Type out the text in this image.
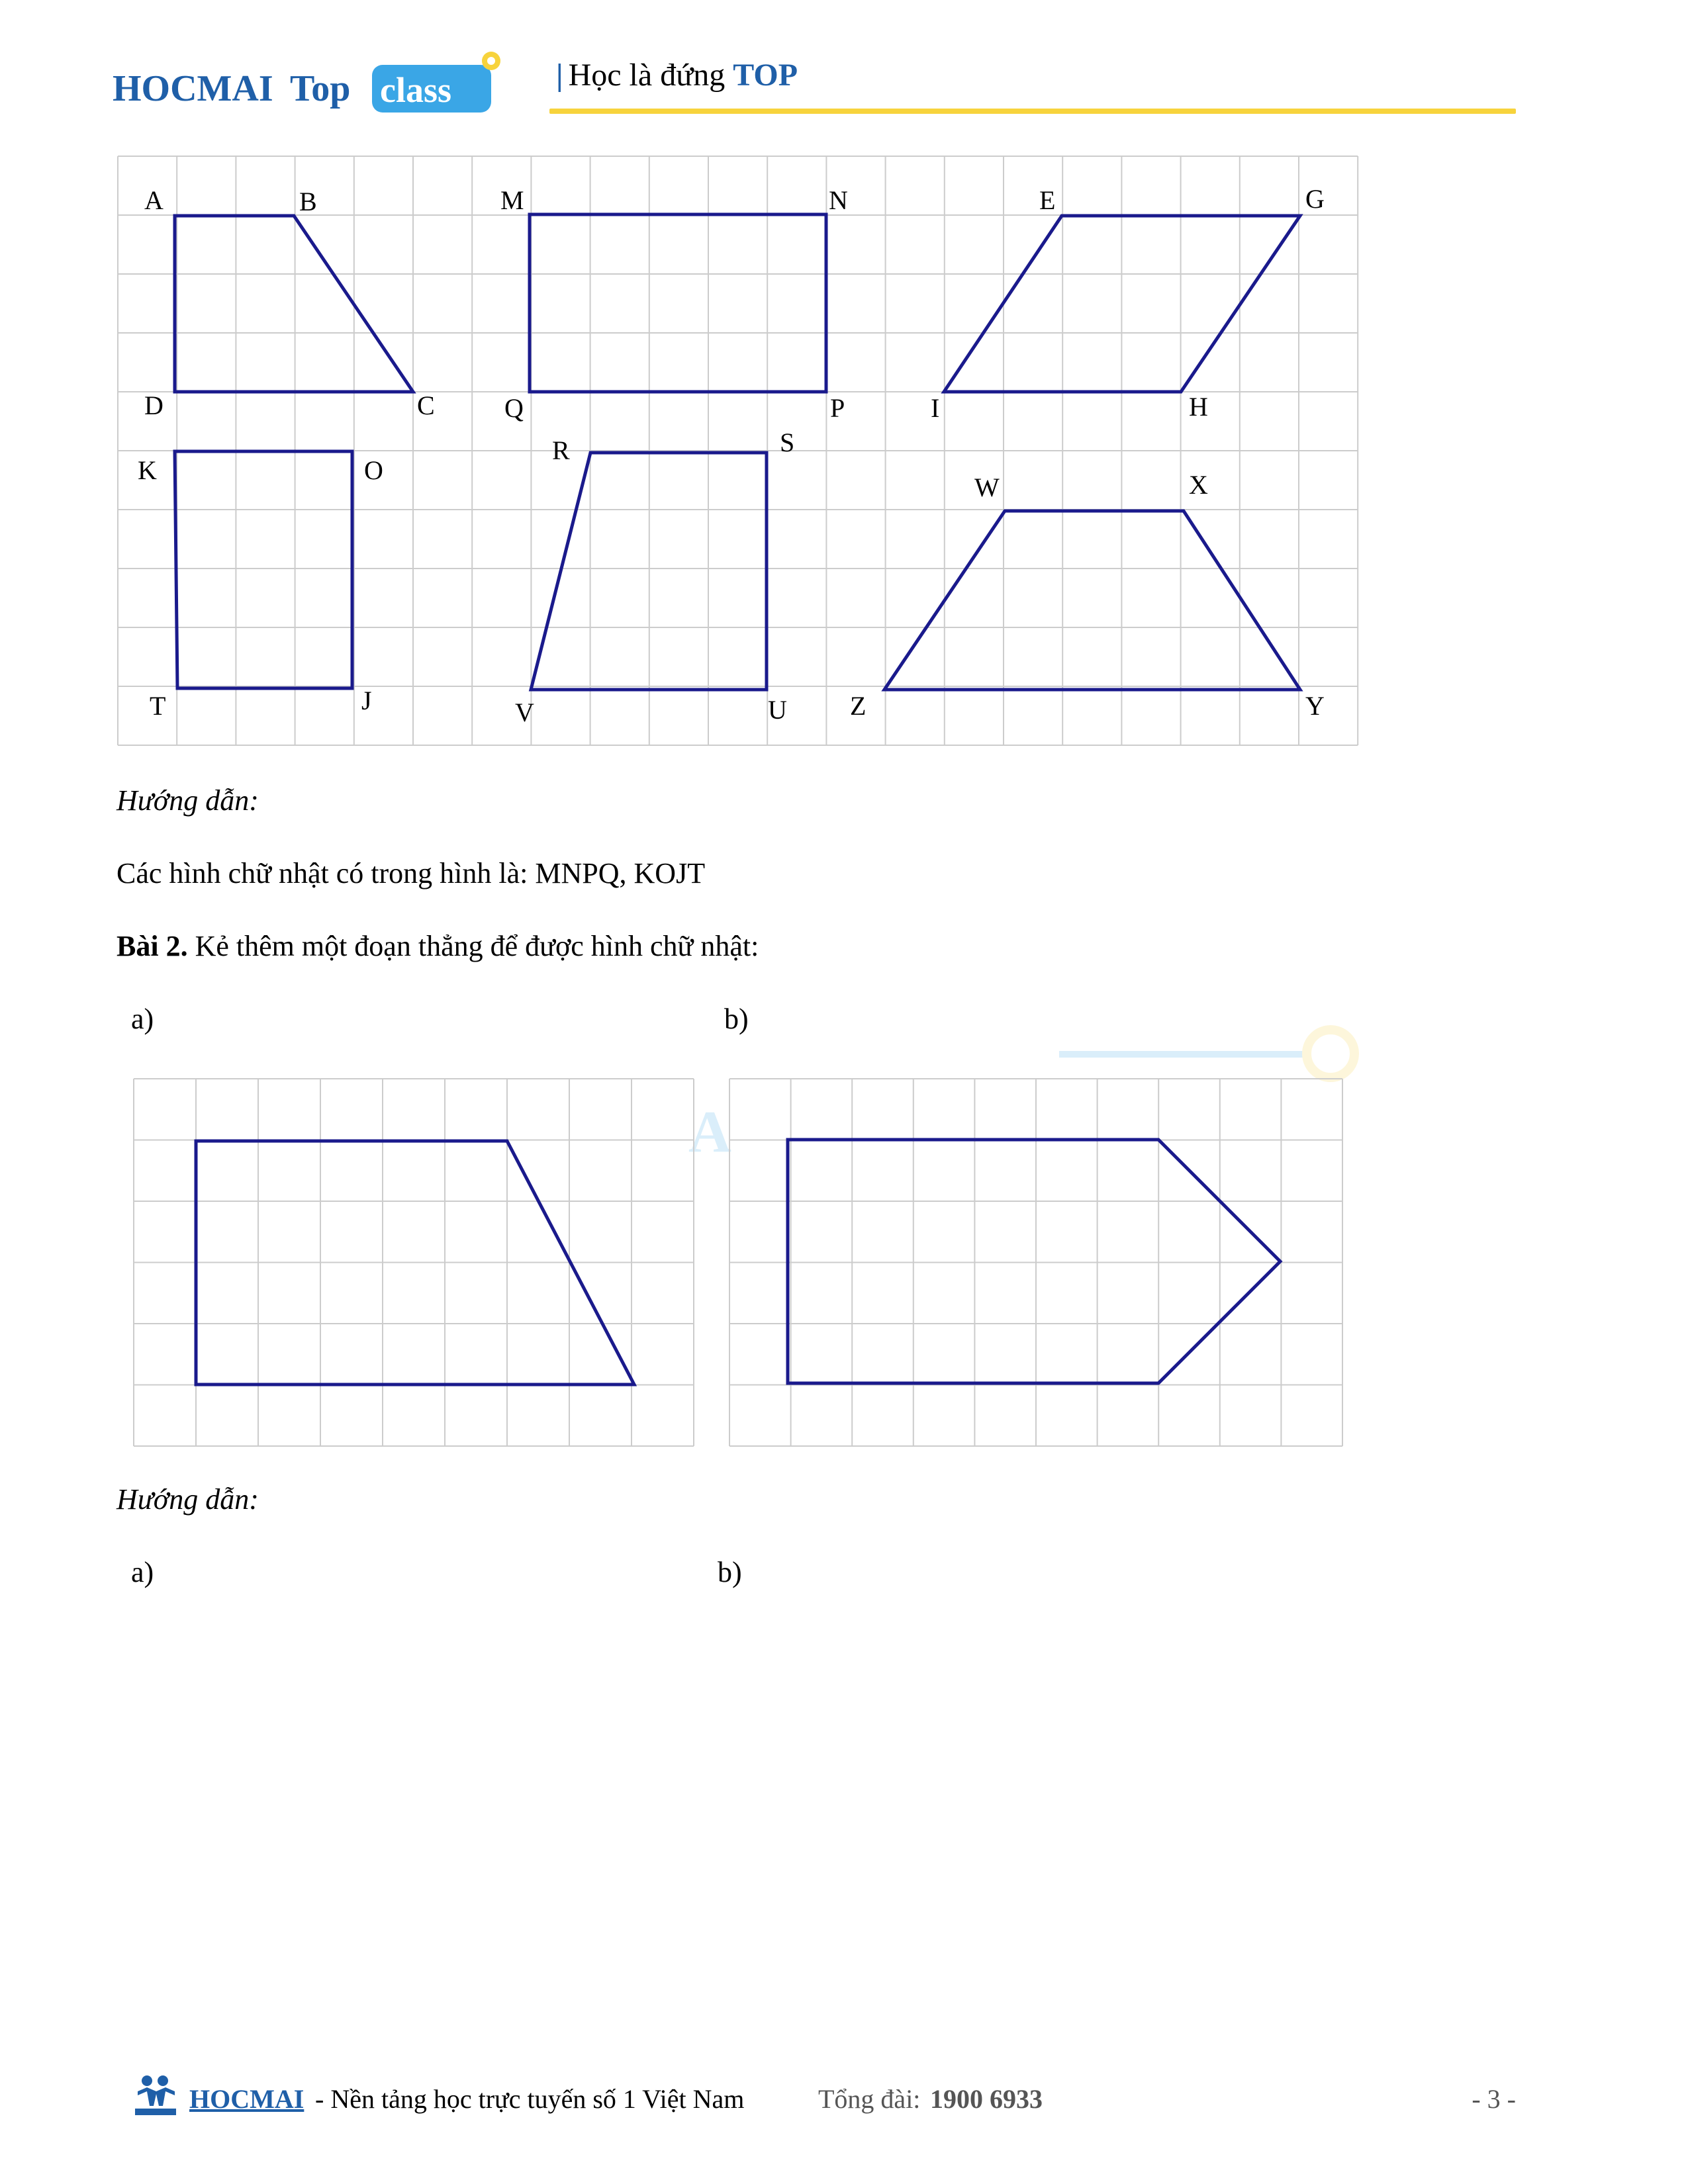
HOCMAI Top class	| Học là đứng TOP
A	B
C
D
M	N
P
Q
E	G
H
I
K	O
J
T
R	S
U
V
W	X
Y
Z
Hướng dẫn:
Các hình chữ nhật có trong hình là: MNPQ, KOJT
Bài 2. Kẻ thêm một đoạn thẳng để được hình chữ nhật:
a)	b)
A
Hướng dẫn:
a)	b)
HOCMAI - Nền tảng học trực tuyến số 1 Việt Nam	Tổng đài: 1900 6933	- 3 -
